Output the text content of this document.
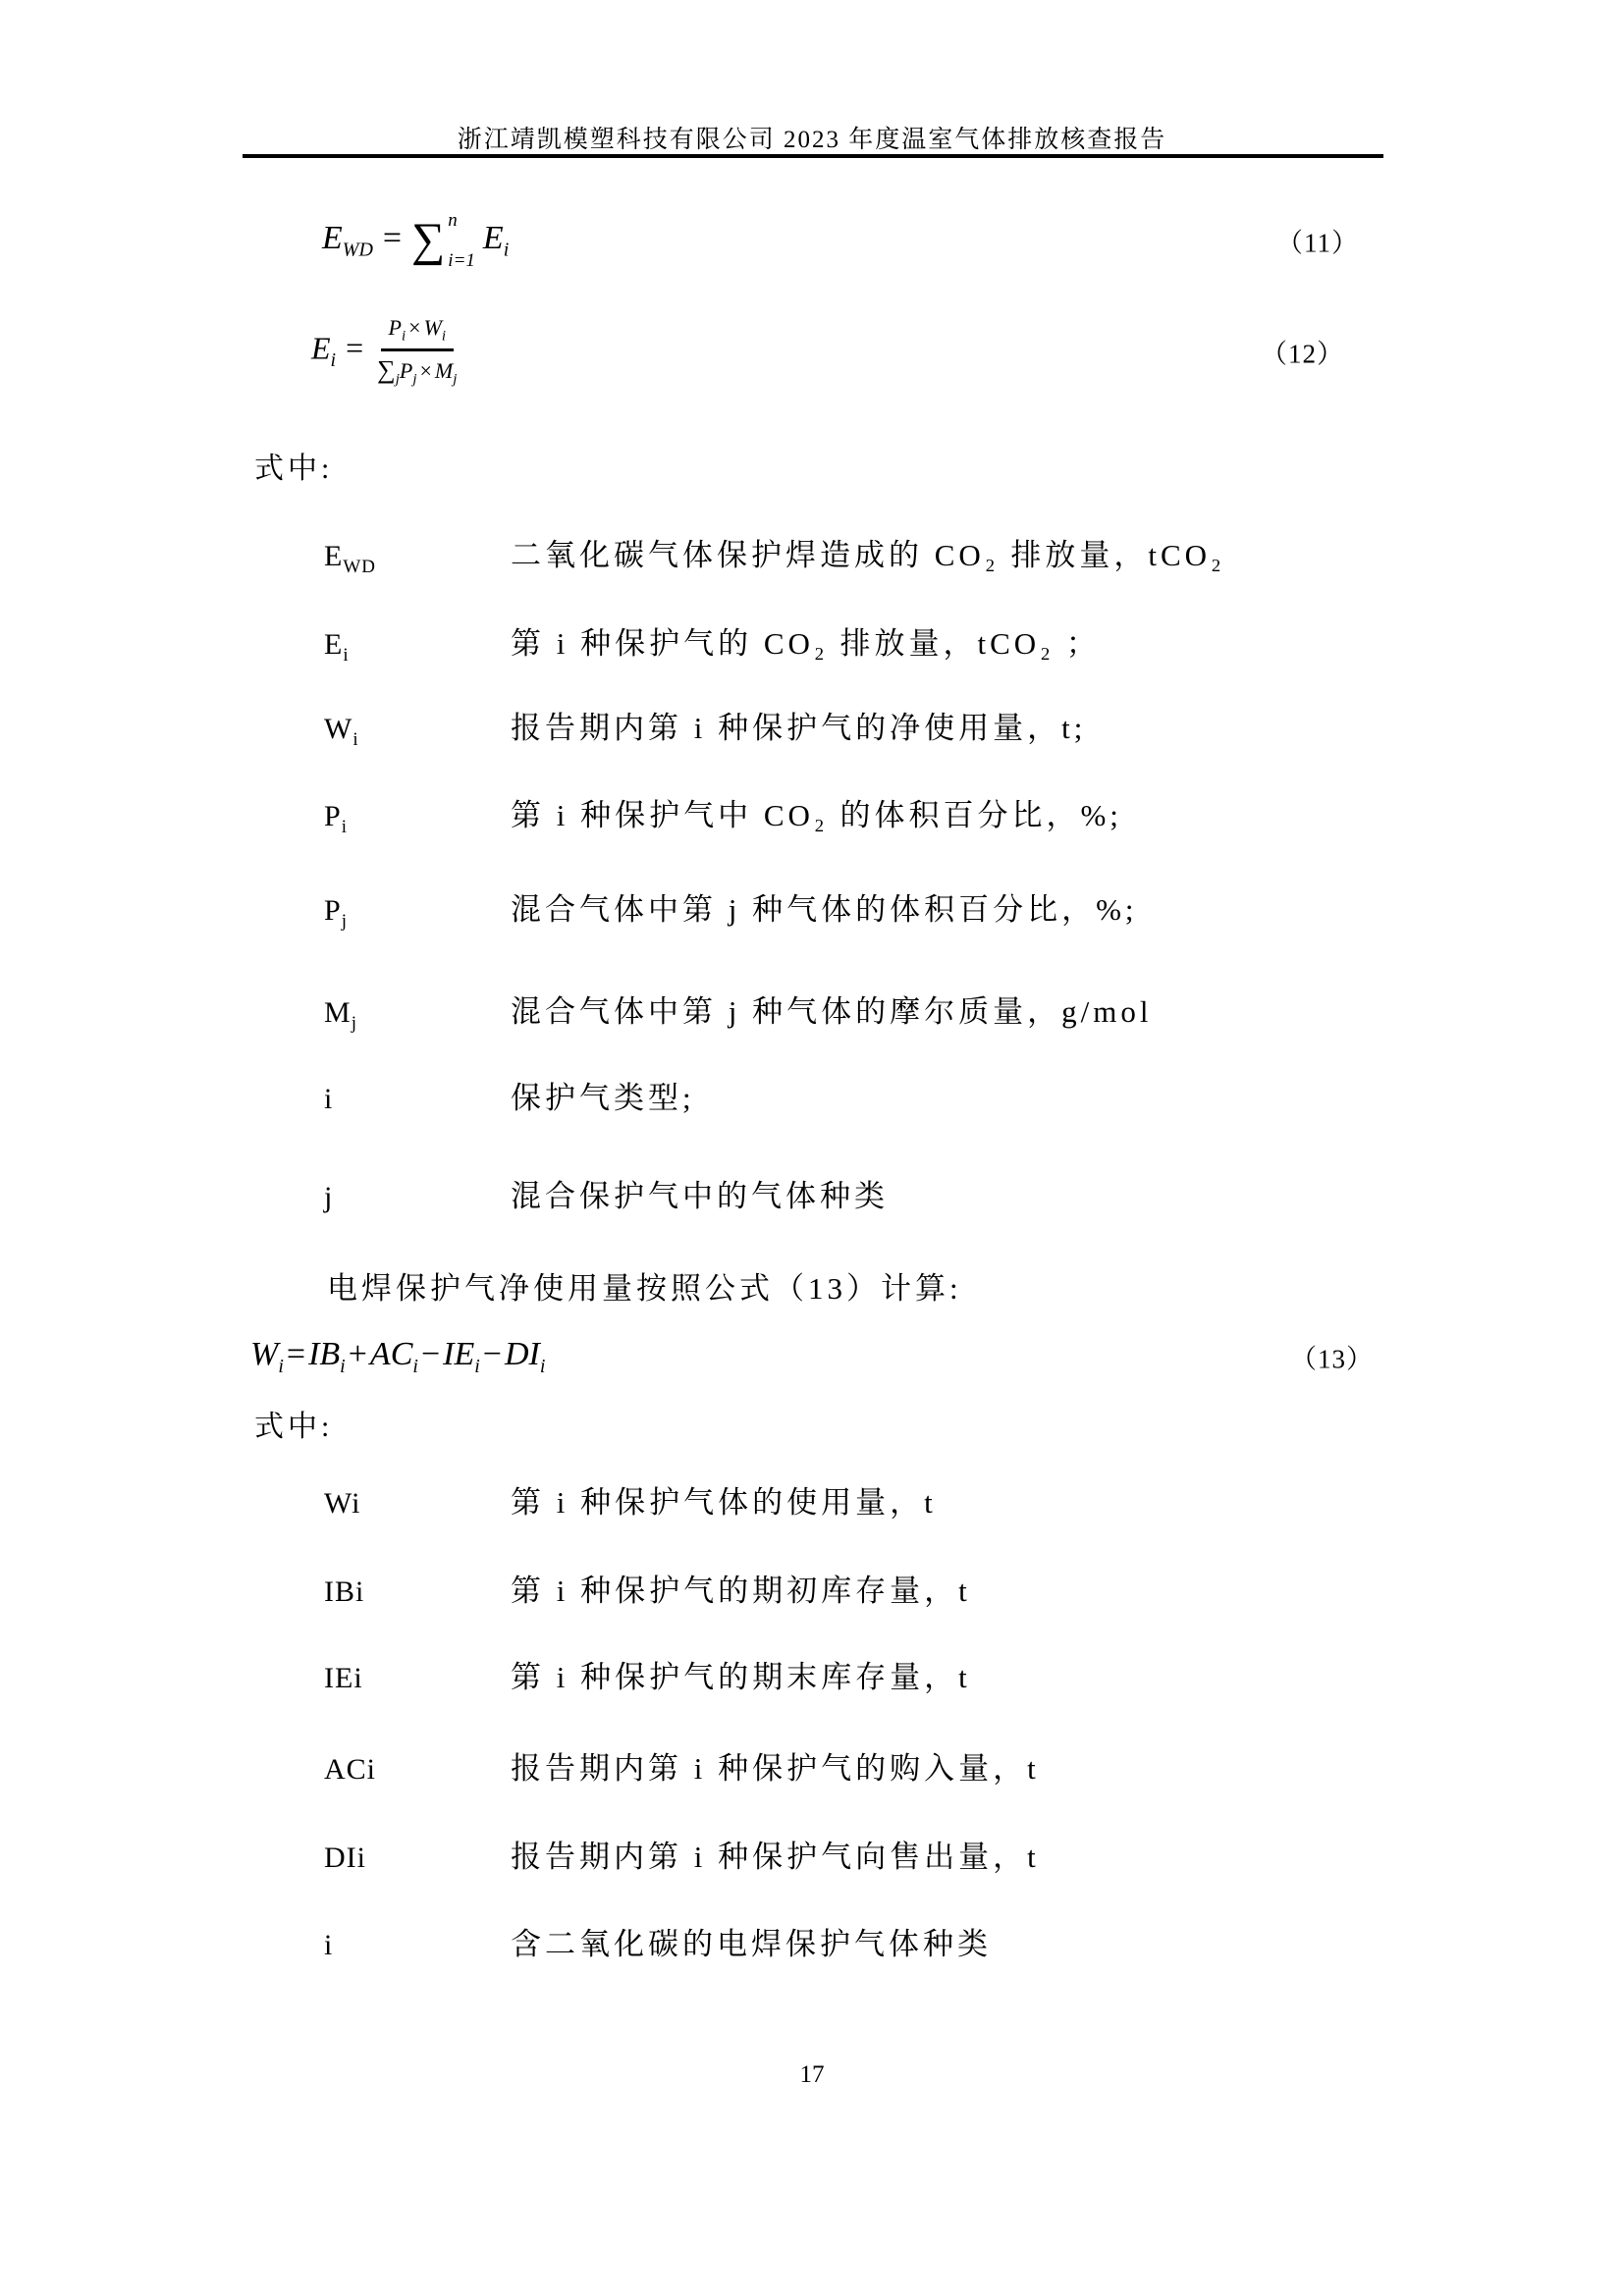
浙江靖凯模塑科技有限公司 2023 年度温室气体排放核查报告
$E_{WD}$ = ∑ n
i=1
$E_i$	（11）
$E_i = \frac{P_i \times W_i}{\sum_jP_j \times M_j}$	（12）
式中:
$E_{WD}$	二氧化碳气体保护焊造成的 CO₂ 排放量，tCO₂
$E_i$	第 i 种保护气的 CO₂ 排放量，tCO₂ ；
$W_i$	报告期内第 i 种保护气的净使用量，t;
$P_i$	第 i 种保护气中 CO₂ 的体积百分比，%;
$P_j$	混合气体中第 j 种气体的体积百分比，%;
$M_j$	混合气体中第 j 种气体的摩尔质量，g/mol
i	保护气类型;
j	混合保护气中的气体种类
电焊保护气净使用量按照公式（13）计算:
$W_i=IB_i+AC_i-IE_i-DI_i$	（13）
式中:
Wi	第 i 种保护气体的使用量，t
IBi	第 i 种保护气的期初库存量，t
IEi	第 i 种保护气的期末库存量，t
ACi	报告期内第 i 种保护气的购入量，t
DIi	报告期内第 i 种保护气向售出量，t
i	含二氧化碳的电焊保护气体种类
17
